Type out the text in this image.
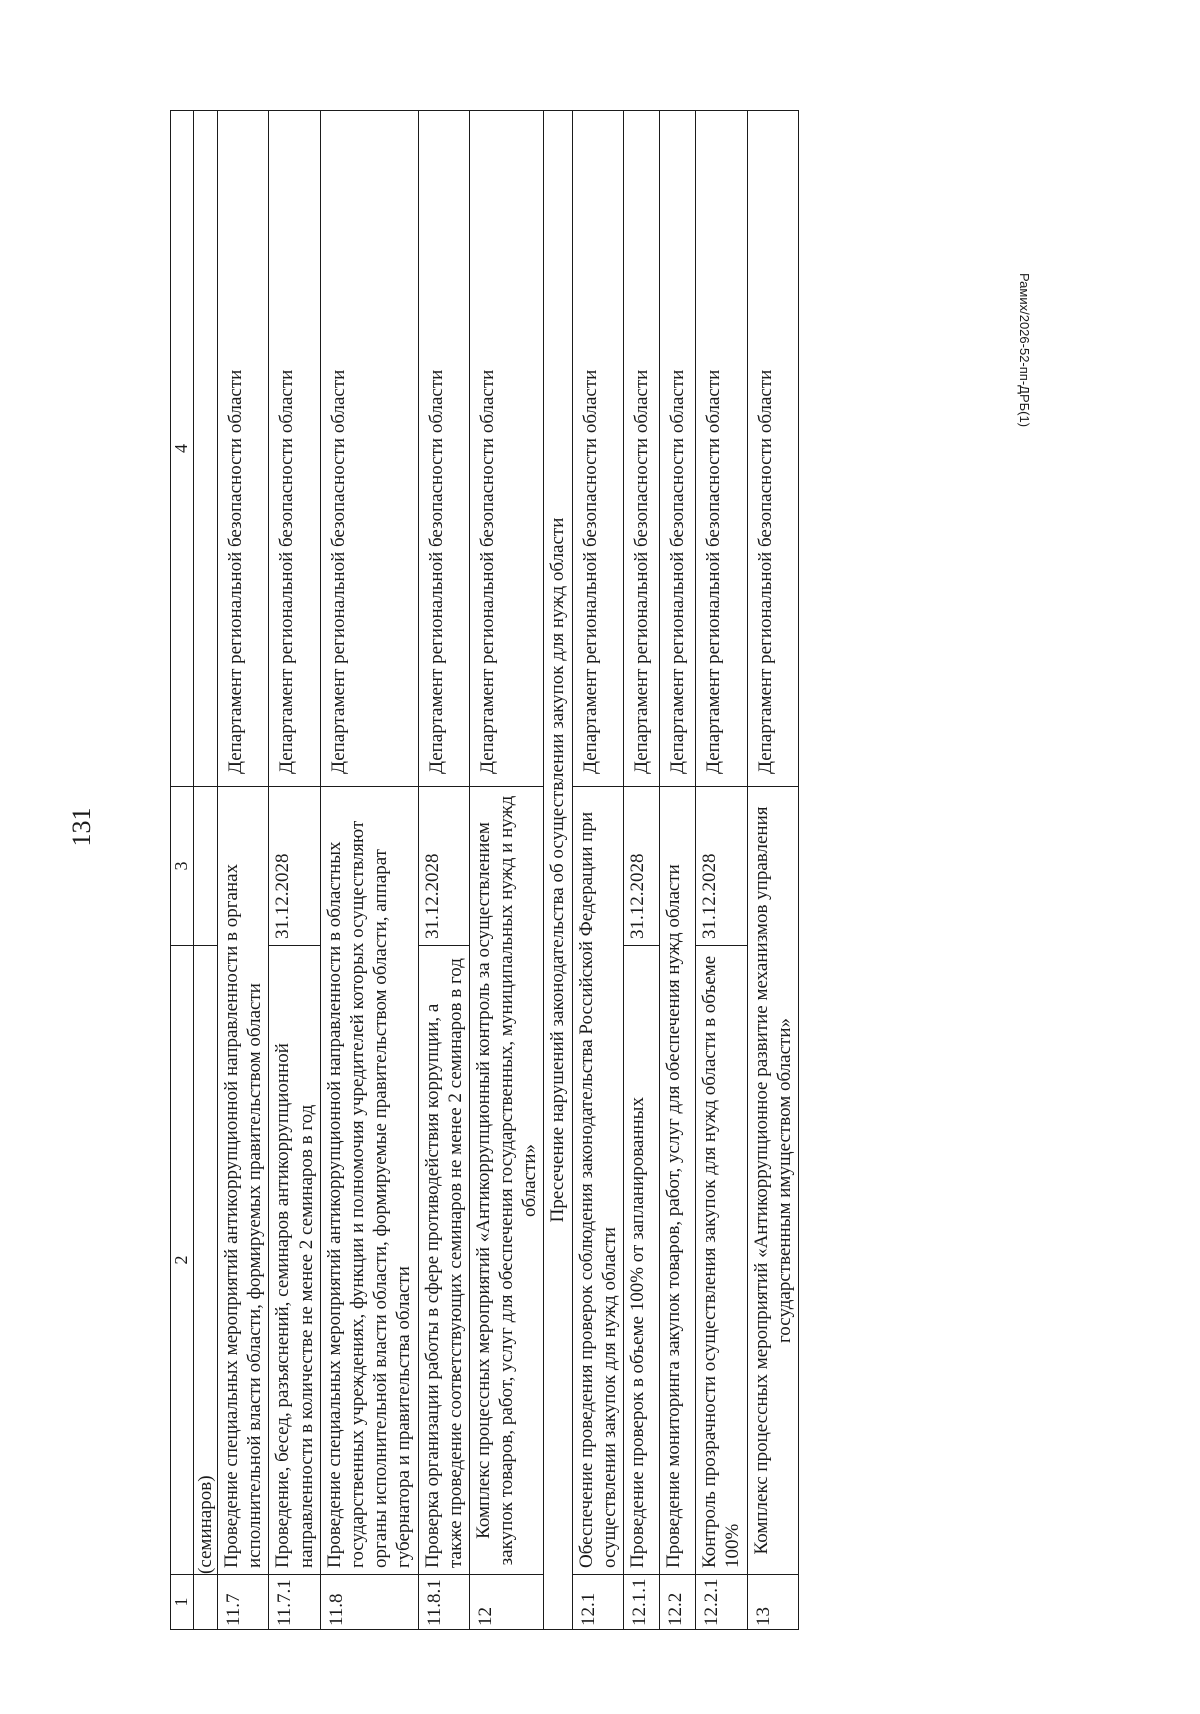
131
Рамих/2026-52-пп-ДРБ(1)
1	2	3	4
	(семинаров)		
11.7	Проведение специальных мероприятий антикоррупционной направленности в органах исполнительной власти области, формируемых правительством области		Департамент региональной безопасности области
11.7.1	Проведение, бесед, разъяснений, семинаров антикоррупционной направленности в количестве не менее 2 семинаров в год	31.12.2028	Департамент региональной безопасности области
11.8	Проведение специальных мероприятий антикоррупционной направленности в областных государственных учреждениях, функции и полномочия учредителей которых осуществляют органы исполнительной власти области, формируемые правительством области, аппарат губернатора и правительства области		Департамент региональной безопасности области
11.8.1	Проверка организации работы в сфере противодействия коррупции, а также проведение соответствующих семинаров не менее 2 семинаров в год	31.12.2028	Департамент региональной безопасности области
12	Комплекс процессных мероприятий «Антикоррупционный контроль за осуществлением закупок товаров, работ, услуг для обеспечения государственных, муниципальных нужд и нужд области»		Департамент региональной безопасности области
Пресечение нарушений законодательства об осуществлении закупок для нужд области			
12.1	Обеспечение проведения проверок соблюдения законодательства Российской Федерации при осуществлении закупок для нужд области		Департамент региональной безопасности области
12.1.1	Проведение проверок в объеме 100% от запланированных	31.12.2028	Департамент региональной безопасности области
12.2	Проведение мониторинга закупок товаров, работ, услуг для обеспечения нужд области		Департамент региональной безопасности области
12.2.1	Контроль прозрачности осуществления закупок для нужд области в объеме 100%	31.12.2028	Департамент региональной безопасности области
13	Комплекс процессных мероприятий «Антикоррупционное развитие механизмов управления государственным имуществом области»		Департамент региональной безопасности области
